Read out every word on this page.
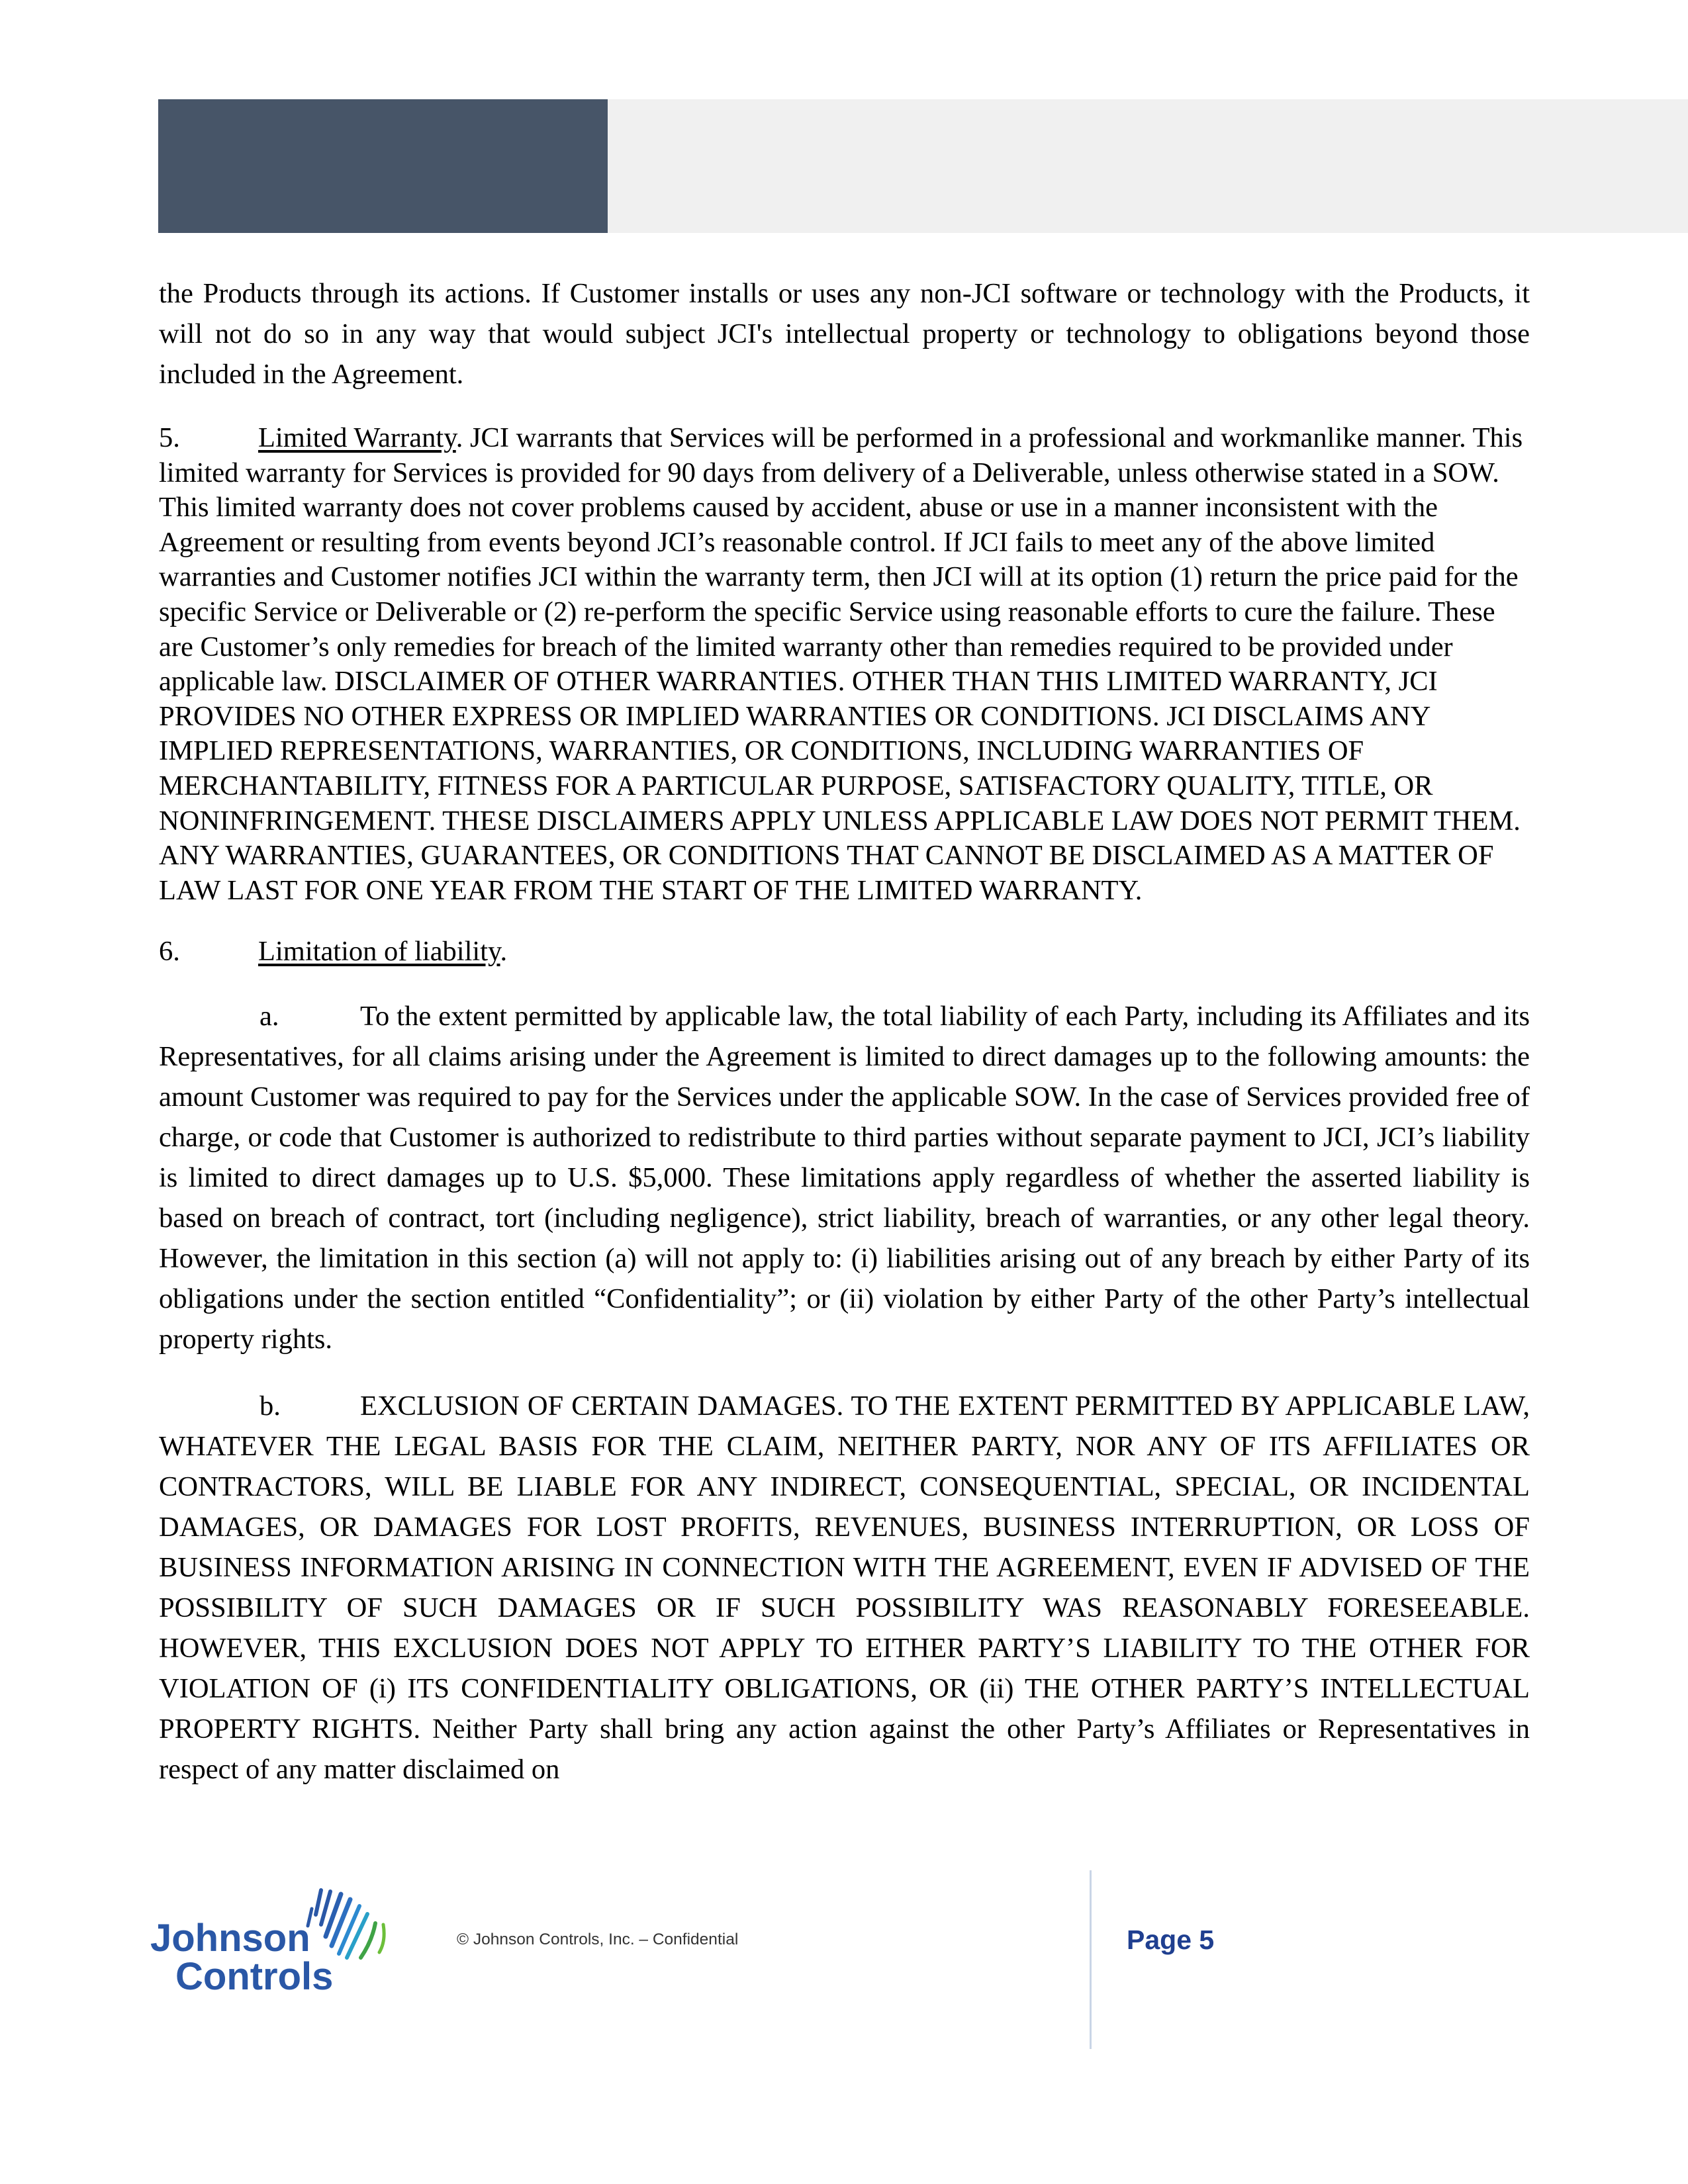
the Products through its actions. If Customer installs or uses any non-JCI software or technology with the Products, it will not do so in any way that would subject JCI's intellectual property or technology to obligations beyond those included in the Agreement.

5.	Limited Warranty. JCI warrants that Services will be performed in a professional and workmanlike manner. This limited warranty for Services is provided for 90 days from delivery of a Deliverable, unless otherwise stated in a SOW. This limited warranty does not cover problems caused by accident, abuse or use in a manner inconsistent with the Agreement or resulting from events beyond JCI’s reasonable control. If JCI fails to meet any of the above limited warranties and Customer notifies JCI within the warranty term, then JCI will at its option (1) return the price paid for the specific Service or Deliverable or (2) re-perform the specific Service using reasonable efforts to cure the failure. These are Customer’s only remedies for breach of the limited warranty other than remedies required to be provided under applicable law. DISCLAIMER OF OTHER WARRANTIES. OTHER THAN THIS LIMITED WARRANTY, JCI PROVIDES NO OTHER EXPRESS OR IMPLIED WARRANTIES OR CONDITIONS. JCI DISCLAIMS ANY IMPLIED REPRESENTATIONS, WARRANTIES, OR CONDITIONS, INCLUDING WARRANTIES OF MERCHANTABILITY, FITNESS FOR A PARTICULAR PURPOSE, SATISFACTORY QUALITY, TITLE, OR NONINFRINGEMENT. THESE DISCLAIMERS APPLY UNLESS APPLICABLE LAW DOES NOT PERMIT THEM. ANY WARRANTIES, GUARANTEES, OR CONDITIONS THAT CANNOT BE DISCLAIMED AS A MATTER OF LAW LAST FOR ONE YEAR FROM THE START OF THE LIMITED WARRANTY.

6.	Limitation of liability.

a.	To the extent permitted by applicable law, the total liability of each Party, including its Affiliates and its Representatives, for all claims arising under the Agreement is limited to direct damages up to the following amounts: the amount Customer was required to pay for the Services under the applicable SOW. In the case of Services provided free of charge, or code that Customer is authorized to redistribute to third parties without separate payment to JCI, JCI’s liability is limited to direct damages up to U.S. $5,000. These limitations apply regardless of whether the asserted liability is based on breach of contract, tort (including negligence), strict liability, breach of warranties, or any other legal theory. However, the limitation in this section (a) will not apply to: (i) liabilities arising out of any breach by either Party of its obligations under the section entitled “Confidentiality”; or (ii) violation by either Party of the other Party’s intellectual property rights.

b.	EXCLUSION OF CERTAIN DAMAGES. TO THE EXTENT PERMITTED BY APPLICABLE LAW, WHATEVER THE LEGAL BASIS FOR THE CLAIM, NEITHER PARTY, NOR ANY OF ITS AFFILIATES OR CONTRACTORS, WILL BE LIABLE FOR ANY INDIRECT, CONSEQUENTIAL, SPECIAL, OR INCIDENTAL DAMAGES, OR DAMAGES FOR LOST PROFITS, REVENUES, BUSINESS INTERRUPTION, OR LOSS OF BUSINESS INFORMATION ARISING IN CONNECTION WITH THE AGREEMENT, EVEN IF ADVISED OF THE POSSIBILITY OF SUCH DAMAGES OR IF SUCH POSSIBILITY WAS REASONABLY FORESEEABLE. HOWEVER, THIS EXCLUSION DOES NOT APPLY TO EITHER PARTY’S LIABILITY TO THE OTHER FOR VIOLATION OF (i) ITS CONFIDENTIALITY OBLIGATIONS, OR (ii) THE OTHER PARTY’S INTELLECTUAL PROPERTY RIGHTS. Neither Party shall bring any action against the other Party’s Affiliates or Representatives in respect of any matter disclaimed on

Johnson
Controls
© Johnson Controls, Inc. – Confidential	Page 5
